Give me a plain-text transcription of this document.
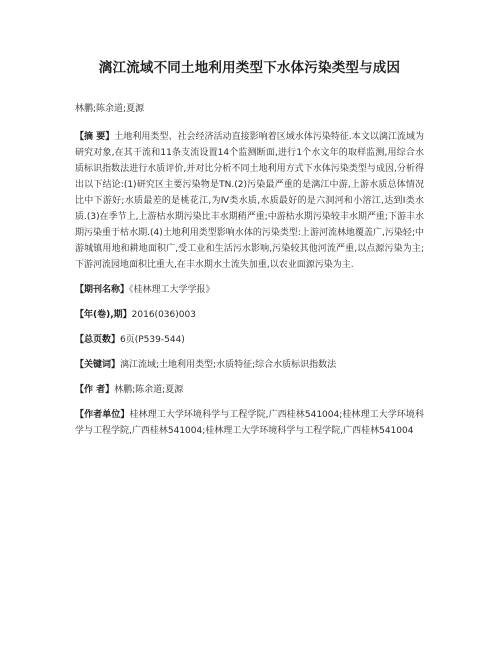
漓江流域不同土地利用类型下水体污染类型与成因
林鹏;陈余道;夏源
【摘 要】土地利用类型、社会经济活动直接影响着区域水体污染特征.本文以漓江流域为研究对象,在其干流和11条支流设置14个监测断面,进行1个水文年的取样监测,用综合水质标识指数法进行水质评价,并对比分析不同土地利用方式下水体污染类型与成因,分析得出以下结论:(1)研究区主要污染物是TN.(2)污染最严重的是漓江中游,上游水质总体情况比中下游好;水质最差的是桃花江,为Ⅳ类水质,水质最好的是六洞河和小溶江,达到Ⅰ类水质.(3)在季节上,上游枯水期污染比丰水期稍严重;中游枯水期污染较丰水期严重;下游丰水期污染重于枯水期.(4)土地利用类型影响水体的污染类型:上游河流林地覆盖广,污染轻;中游城镇用地和耕地面积广,受工业和生活污水影响,污染较其他河流严重,以点源污染为主;下游河流园地面积比重大,在丰水期水土流失加重,以农业面源污染为主.
【期刊名称】《桂林理工大学学报》
【年(卷),期】2016(036)003
【总页数】6页(P539-544)
【关键词】漓江流域;土地利用类型;水质特征;综合水质标识指数法
【作 者】林鹏;陈余道;夏源
【作者单位】桂林理工大学环境科学与工程学院,广西桂林541004;桂林理工大学环境科学与工程学院,广西桂林541004;桂林理工大学环境科学与工程学院,广西桂林541004
